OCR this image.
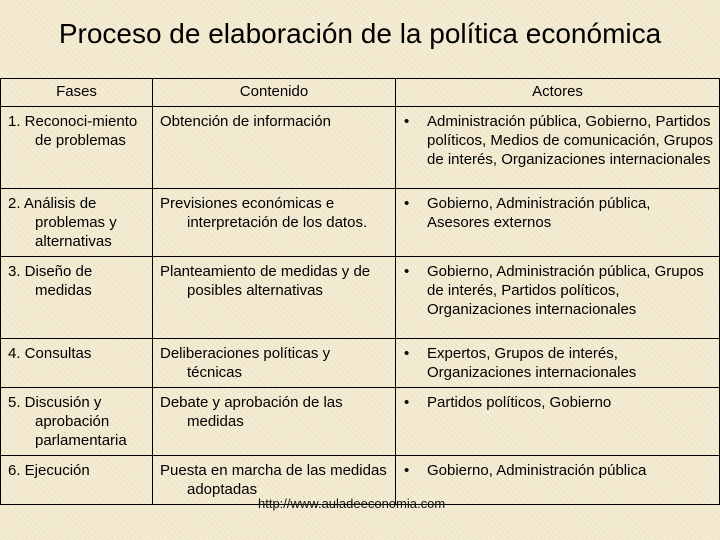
Proceso de elaboración de la política económica
Fases	Contenido	Actores

1. Reconoci-miento de problemas	Obtención de información	• Administración pública, Gobierno, Partidos políticos, Medios de comunicación, Grupos de interés, Organizaciones internacionales

2. Análisis de problemas y alternativas	Previsiones económicas e interpretación de los datos.	• Gobierno, Administración pública, Asesores externos

3. Diseño de medidas	Planteamiento de medidas y de posibles alternativas	• Gobierno, Administración pública, Grupos de interés, Partidos políticos, Organizaciones internacionales

4. Consultas	Deliberaciones políticas y técnicas	• Expertos, Grupos de interés, Organizaciones internacionales

5. Discusión y aprobación parlamentaria	Debate y aprobación de las medidas	• Partidos políticos, Gobierno

6. Ejecución	Puesta en marcha de las medidas adoptadas	• Gobierno, Administración pública
http://www.auladeeconomia.com
